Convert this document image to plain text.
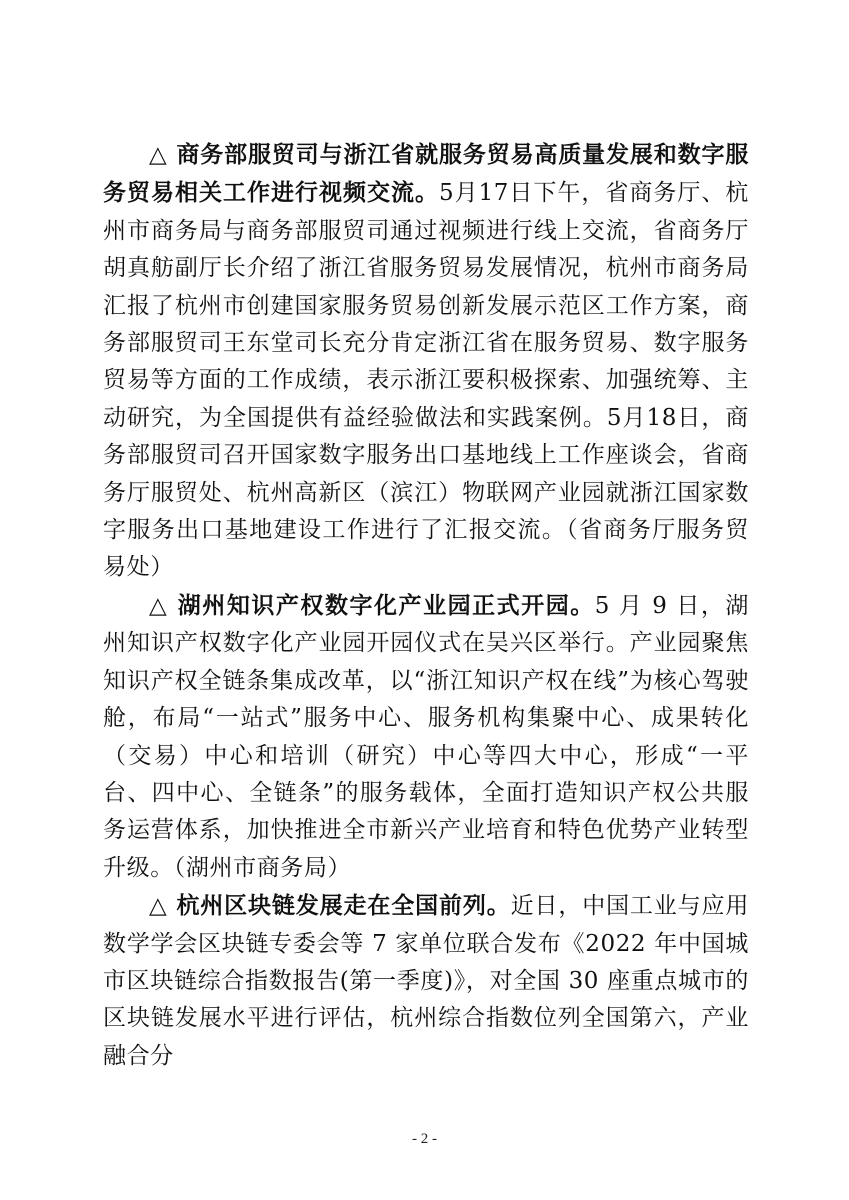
△ 商务部服贸司与浙江省就服务贸易高质量发展和数字服务贸易相关工作进行视频交流。5月17日下午，省商务厅、杭州市商务局与商务部服贸司通过视频进行线上交流，省商务厅胡真舫副厅长介绍了浙江省服务贸易发展情况，杭州市商务局汇报了杭州市创建国家服务贸易创新发展示范区工作方案，商务部服贸司王东堂司长充分肯定浙江省在服务贸易、数字服务贸易等方面的工作成绩，表示浙江要积极探索、加强统筹、主动研究，为全国提供有益经验做法和实践案例。5月18日，商务部服贸司召开国家数字服务出口基地线上工作座谈会，省商务厅服贸处、杭州高新区（滨江）物联网产业园就浙江国家数字服务出口基地建设工作进行了汇报交流。（省商务厅服务贸易处）

△ 湖州知识产权数字化产业园正式开园。5 月 9 日，湖州知识产权数字化产业园开园仪式在吴兴区举行。产业园聚焦知识产权全链条集成改革，以“浙江知识产权在线”为核心驾驶舱，布局“一站式”服务中心、服务机构集聚中心、成果转化（交易）中心和培训（研究）中心等四大中心，形成“一平台、四中心、全链条”的服务载体，全面打造知识产权公共服务运营体系，加快推进全市新兴产业培育和特色优势产业转型升级。（湖州市商务局）

△ 杭州区块链发展走在全国前列。近日，中国工业与应用数学学会区块链专委会等 7 家单位联合发布《2022 年中国城市区块链综合指数报告(第一季度)》，对全国 30 座重点城市的区块链发展水平进行评估，杭州综合指数位列全国第六，产业融合分

- 2 -
